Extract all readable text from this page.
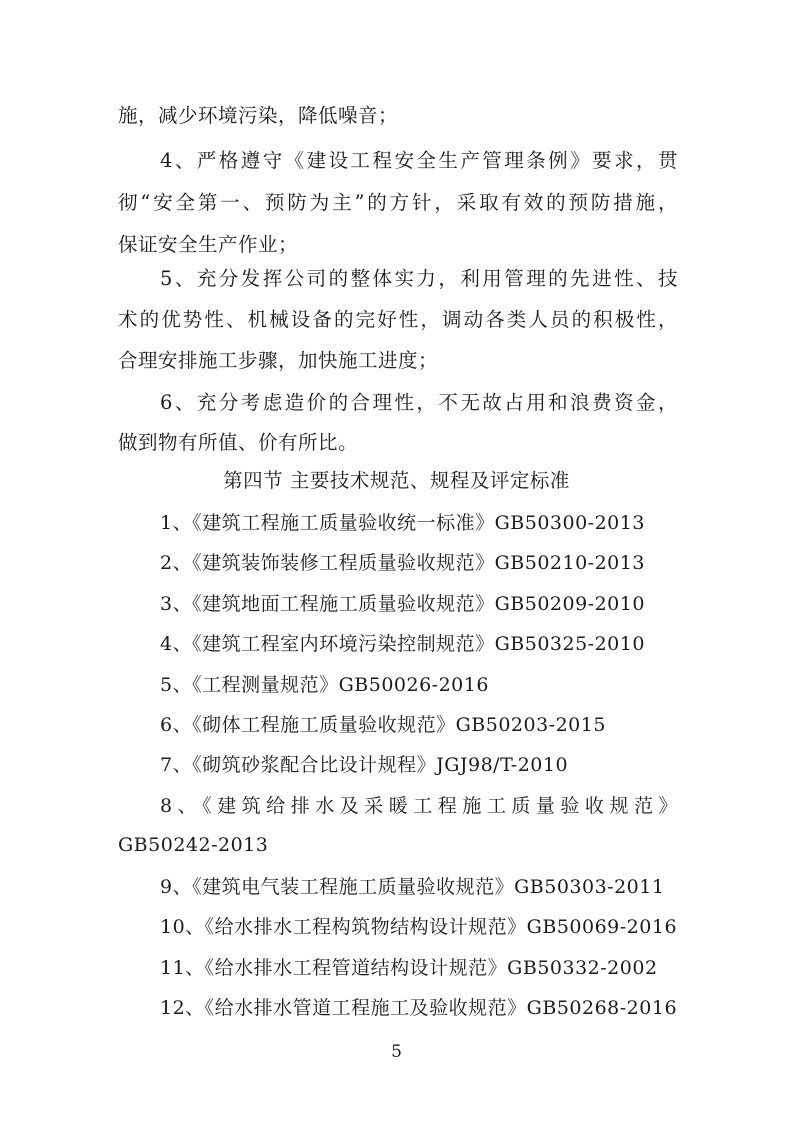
施，减少环境污染，降低噪音；
4、严格遵守《建设工程安全生产管理条例》要求，贯
彻“安全第一、预防为主”的方针，采取有效的预防措施，
保证安全生产作业；
5、充分发挥公司的整体实力，利用管理的先进性、技
术的优势性、机械设备的完好性，调动各类人员的积极性，
合理安排施工步骤，加快施工进度；
6、充分考虑造价的合理性，不无故占用和浪费资金，
做到物有所值、价有所比。
第四节 主要技术规范、规程及评定标准
1、《建筑工程施工质量验收统一标准》GB50300-2013
2、《建筑装饰装修工程质量验收规范》GB50210-2013
3、《建筑地面工程施工质量验收规范》GB50209-2010
4、《建筑工程室内环境污染控制规范》GB50325-2010
5、《工程测量规范》GB50026-2016
6、《砌体工程施工质量验收规范》GB50203-2015
7、《砌筑砂浆配合比设计规程》JGJ98/T-2010
8、《建筑给排水及采暖工程施工质量验收规范》
GB50242-2013
9、《建筑电气装工程施工质量验收规范》GB50303-2011
10、《给水排水工程构筑物结构设计规范》GB50069-2016
11、《给水排水工程管道结构设计规范》GB50332-2002
12、《给水排水管道工程施工及验收规范》GB50268-2016
5
